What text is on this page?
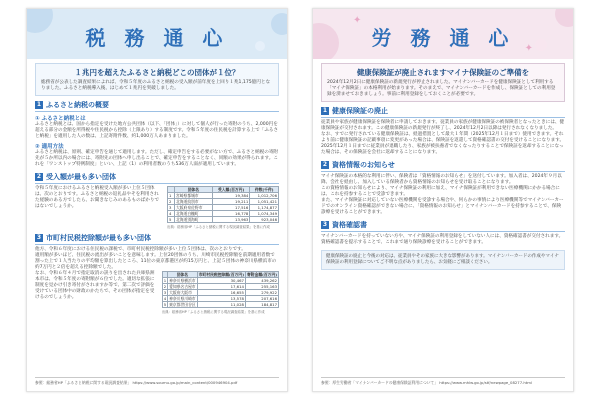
税 務 通 心
１兆円を超えたふるさと納税どこの団体が１位？
総務省が公表した調査結果によれば、令和５年度のふるさと納税の受入額が前年度を上回り１兆1,175億円となりました。ふるさと納税導入後、はじめて１兆円を突破しました。
1 ふるさと納税の概要
① ふるさと納税とは
ふるさと納税とは、国から指定を受けた地方公共団体（以下、「団体」）に対して個人が行った寄附のうち、2,000円を超える部分の金額を所得税や住民税から控除（上限あり）する制度です。令和５年度の住民税を計算する上で「ふるさと納税」を適用した人の数は、上記寄附件数、約1,000万人あまりました。
② 適用方法
ふるさと納税は、原則、確定申告を通じて適用します。ただし、確定申告をする必要がない方で、ふるさと納税の寄附先が５か所以内の場合には、寄附先の団体へ申し出ることで、確定申告をすることなく、同額の効果が得られます。これを「ワンストップ特例制度」といい、上記（1）の利用者数のうち536万人弱が適用しています。
2 受入額が最も多い団体
令和５年度におけるふるさと納税受入額が多い上位５団体は、次のとおりです。ふるさと納税の返礼品やそを利用された経験のある方でしたら、お聞きなじみのあるものばかりではないでしょうか。
	団体名	受入額(百万円)	件数(千件)
1	宮崎県都城市	19,384	1,012,706
2	北海道紋別市	19,211	1,051,421
3	大阪府泉佐野市	17,516	1,174,877
4	北海道白糠町	16,778	1,074,349
5	北海道別海町	13,963	923,046
出典：総務省HP「ふるさと納税に関する現況調査結果」を基に作成
3 市町村民税控除額が最も多い団体
他方、令和６年度における住民税の課税で、市町村民税控除額が多い上位５団体は、次のとおりです。
適用額が多いほど、住民税の流出が多いことを意味します。上位20団体のうち、川崎市民税控除額を前期適用者数で割った上で１人当たりの平均額を算出したところ、11位の東京都港区が約15万円と、上記５団体の神奈川県横浜市の約7万円と２倍を超える控除額でした。
なお、令和６年４月で指定取消の誤りを出された兵庫県洲本市は、令和５年度の寄附額が６位でした。適切な拡張に制度を見かけ引き寄付がされますか等で、第二次で評価を受けている団体中の財政のかたちで、その団体が指定を受けるのでしょうか。
	団体名	市町村民税控除額(百万円)	寄附金額(百万円)
1	神奈川県横浜市	30,467	439,262
2	愛知県名古屋市	17,614	255,163
3	大阪府大阪市	16,655	279,922
4	神奈川県川崎市	13,578	207,616
5	東京都世田谷区	11,028	184,817
出典：総務省HP「ふるさと納税に関する現況調査結果」を基に作成
参照：総務省HP「ふるさと納税に関する現況調査結果」 https://www.soumu.go.jp/main_content/000946904.pdf
✦
✦
労 務 通 心
健康保険証が廃止されますマイナ保険証のご準備を
2024年12月2日に健康保険証の新規発行が停止されました。マイナンバーカードを健康保険証として利用する「マイナ保険証」の本格利用が始まります。そのまえで、マイナンバーカードを作成し、保険証としての利用登録を済ませておきましょう。事前に利用登録をしておくことが必要です。
1 健康保険証の廃止
従業員や家族が健康保険証を保険者に申請しておきます。従業員の家族が健康保険証の被保険者となったときには、健康保険証が交付されます。この健康保険証の新規発行が終了し、2024年12月2日以降は発行されなくなりました。
なお、すでに発行されている健康保険証は、経過措置として最大１年間（2025年12月１日まで）使用できます。それより前に健康保険証の記載事項に変更があった場合は、保険証を返還して資格確認書の交付を受けることになります。
2025年12月１日までに従業員が退職したり、家族が被扶養者でなくなったりすることで保険証を返却することになった場合は、その保険証を会社に返却することになります。
2 資格情報のお知らせ
マイナ保険証の本格的な利用に伴い、保険者は「資格情報のお知らせ」を送付しています。加入者は、2024年９月以降、会社を経由し、加入している保険者から資格情報のお知らせを受け取ることになります。
この資格情報のお知らせにより、マイナ保険証の利用に加え、マイナ保険証が利用できない医療機関にかかる場合には、これを持参することで受診できます。
また、マイナ保険証に対応していない医療機関を受診する場合や、何らかの事情により医療機関等でマイナンバーカードでのオンライン資格確認ができない場合に、「資格情報のお知らせ」とマイナンバーカードを持参することで、保険診療を受けることができます。
3 資格確認書
マイナンバーカードを持っていない方や、マイナ保険証の利用登録をしていない人には、資格確認書が交付されます。資格確認書を提示することで、これまで通り保険診療を受けることができます。
健康保険証の廃止と今後の対応は、従業員やその家族に大きな影響があります。マイナンバーカードの作成やマイナ保険証の利用登録についてご不明な点がありましたら、お気軽にご相談ください。
参照：厚生労働省「マイナンバーカードの健康保険証利用について」 https://www.mhlw.go.jp/stf/newpage_08277.html
